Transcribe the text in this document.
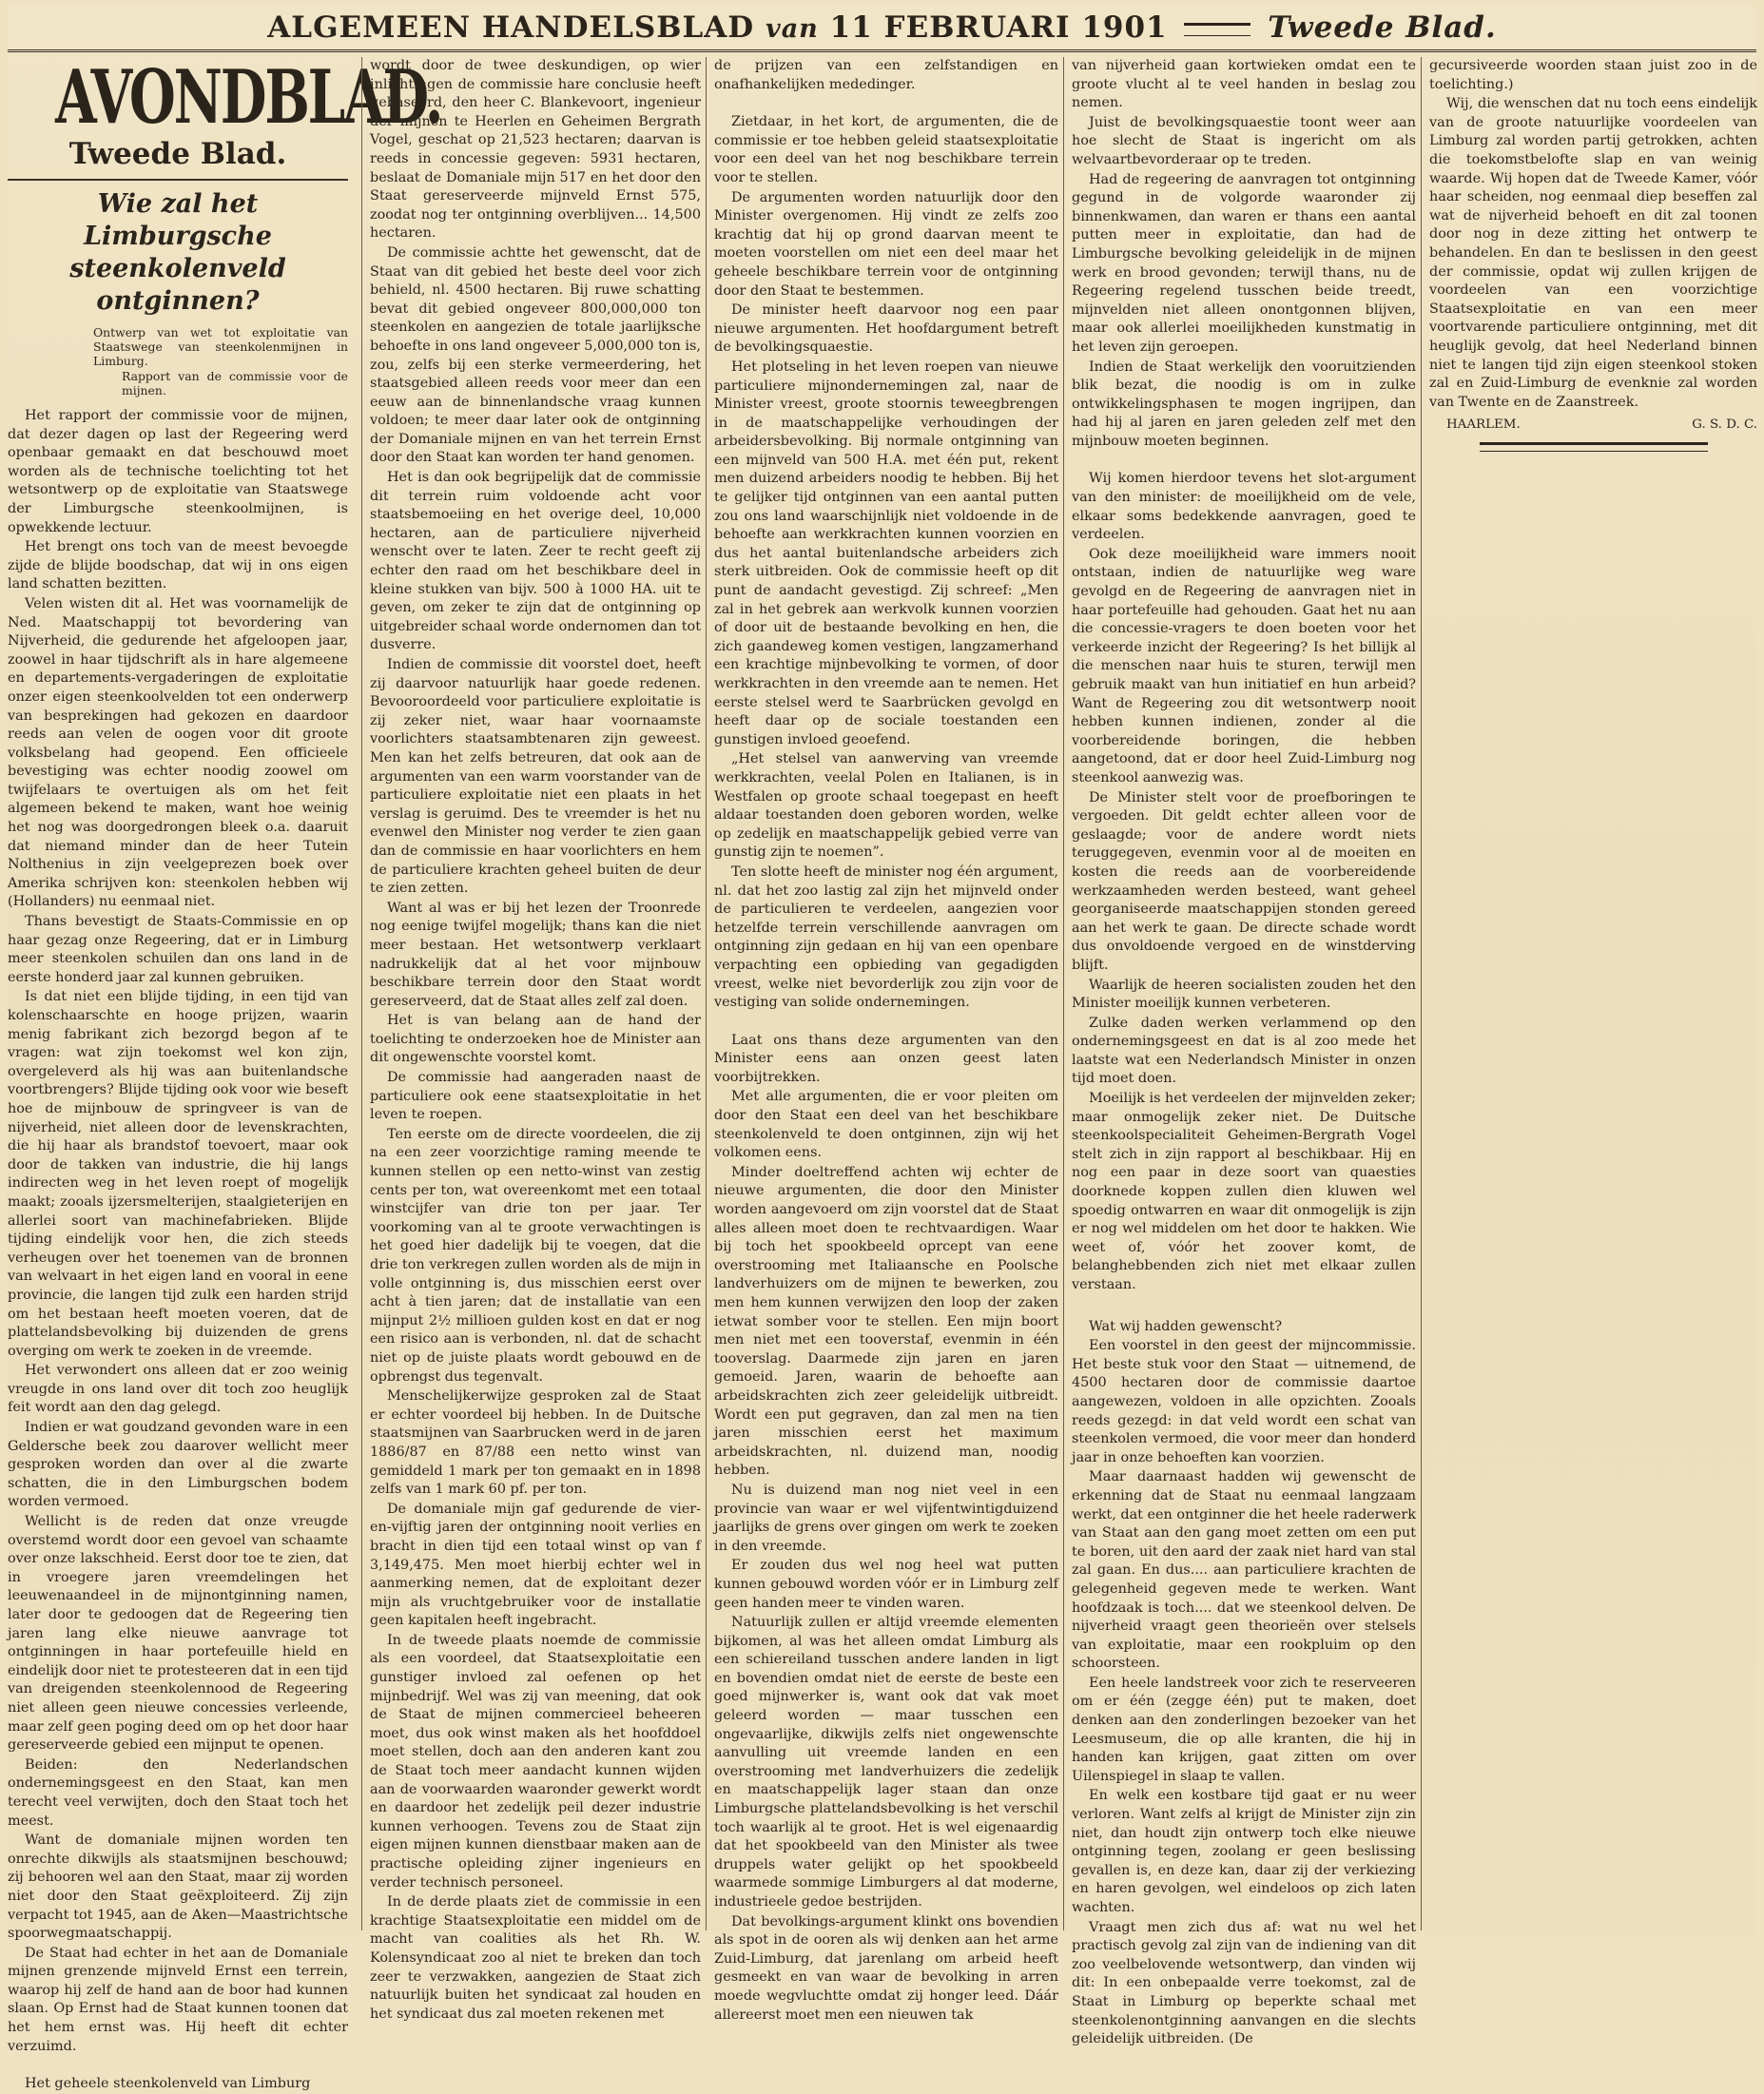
ALGEMEEN HANDELSBLAD van 11 FEBRUARI 1901	Tweede Blad.
AVONDBLAD.
Tweede Blad.
Wie zal het Limburgsche steenkolenveld ontginnen?

Ontwerp van wet tot exploitatie van Staatswege van steenkolenmijnen in Limburg.

Rapport van de commissie voor de mijnen.

Het rapport der commissie voor de mijnen, dat dezer dagen op last der Regeering werd openbaar gemaakt en dat beschouwd moet worden als de technische toelichting tot het wetsontwerp op de exploitatie van Staatswege der Limburgsche steenkoolmijnen, is opwekkende lectuur.

Het brengt ons toch van de meest bevoegde zijde de blijde boodschap, dat wij in ons eigen land schatten bezitten.

Velen wisten dit al. Het was voornamelijk de Ned. Maatschappij tot bevordering van Nijverheid, die gedurende het afgeloopen jaar, zoowel in haar tijdschrift als in hare algemeene en departements-vergaderingen de exploitatie onzer eigen steenkoolvelden tot een onderwerp van besprekingen had gekozen en daardoor reeds aan velen de oogen voor dit groote volksbelang had geopend. Een officieele bevestiging was echter noodig zoowel om twijfelaars te overtuigen als om het feit algemeen bekend te maken, want hoe weinig het nog was doorgedrongen bleek o.a. daaruit dat niemand minder dan de heer Tutein Nolthenius in zijn veelgeprezen boek over Amerika schrijven kon: steenkolen hebben wij (Hollanders) nu eenmaal niet.

Thans bevestigt de Staats-Commissie en op haar gezag onze Regeering, dat er in Limburg meer steenkolen schuilen dan ons land in de eerste honderd jaar zal kunnen gebruiken.

Is dat niet een blijde tijding, in een tijd van kolenschaarschte en hooge prijzen, waarin menig fabrikant zich bezorgd begon af te vragen: wat zijn toekomst wel kon zijn, overgeleverd als hij was aan buitenlandsche voortbrengers? Blijde tijding ook voor wie beseft hoe de mijnbouw de springveer is van de nijverheid, niet alleen door de levenskrachten, die hij haar als brandstof toevoert, maar ook door de takken van industrie, die hij langs indirecten weg in het leven roept of mogelijk maakt; zooals ijzersmelterijen, staalgieterijen en allerlei soort van machinefabrieken. Blijde tijding eindelijk voor hen, die zich steeds verheugen over het toenemen van de bronnen van welvaart in het eigen land en vooral in eene provincie, die langen tijd zulk een harden strijd om het bestaan heeft moeten voeren, dat de plattelandsbevolking bij duizenden de grens overging om werk te zoeken in de vreemde.

Het verwondert ons alleen dat er zoo weinig vreugde in ons land over dit toch zoo heuglijk feit wordt aan den dag gelegd.

Indien er wat goudzand gevonden ware in een Geldersche beek zou daarover wellicht meer gesproken worden dan over al die zwarte schatten, die in den Limburgschen bodem worden vermoed.

Wellicht is de reden dat onze vreugde overstemd wordt door een gevoel van schaamte over onze lakschheid. Eerst door toe te zien, dat in vroegere jaren vreemdelingen het leeuwenaandeel in de mijnontginning namen, later door te gedoogen dat de Regeering tien jaren lang elke nieuwe aanvrage tot ontginningen in haar portefeuille hield en eindelijk door niet te protesteeren dat in een tijd van dreigenden steenkolennood de Regeering niet alleen geen nieuwe concessies verleende, maar zelf geen poging deed om op het door haar gereserveerde gebied een mijnput te openen.

Beiden: den Nederlandschen ondernemingsgeest en den Staat, kan men terecht veel verwijten, doch den Staat toch het meest.

Want de domaniale mijnen worden ten onrechte dikwijls als staatsmijnen beschouwd; zij behooren wel aan den Staat, maar zij worden niet door den Staat geëxploiteerd. Zij zijn verpacht tot 1945, aan de Aken—Maastrichtsche spoorwegmaatschappij.

De Staat had echter in het aan de Domaniale mijnen grenzende mijnveld Ernst een terrein, waarop hij zelf de hand aan de boor had kunnen slaan. Op Ernst had de Staat kunnen toonen dat het hem ernst was. Hij heeft dit echter verzuimd.

Het geheele steenkolenveld van Limburg

wordt door de twee deskundigen, op wier inlichtingen de commissie hare conclusie heeft gebaseerd, den heer C. Blankevoort, ingenieur der mijnen te Heerlen en Geheimen Bergrath Vogel, geschat op 21,523 hectaren; daarvan is reeds in concessie gegeven: 5931 hectaren, beslaat de Domaniale mijn 517 en het door den Staat gereserveerde mijnveld Ernst 575, zoodat nog ter ontginning overblijven... 14,500 hectaren.

De commissie achtte het gewenscht, dat de Staat van dit gebied het beste deel voor zich behield, nl. 4500 hectaren. Bij ruwe schatting bevat dit gebied ongeveer 800,000,000 ton steenkolen en aangezien de totale jaarlijksche behoefte in ons land ongeveer 5,000,000 ton is, zou, zelfs bij een sterke vermeerdering, het staatsgebied alleen reeds voor meer dan een eeuw aan de binnenlandsche vraag kunnen voldoen; te meer daar later ook de ontginning der Domaniale mijnen en van het terrein Ernst door den Staat kan worden ter hand genomen.

Het is dan ook begrijpelijk dat de commissie dit terrein ruim voldoende acht voor staatsbemoeiing en het overige deel, 10,000 hectaren, aan de particuliere nijverheid wenscht over te laten. Zeer te recht geeft zij echter den raad om het beschikbare deel in kleine stukken van bijv. 500 à 1000 HA. uit te geven, om zeker te zijn dat de ontginning op uitgebreider schaal worde ondernomen dan tot dusverre.

Indien de commissie dit voorstel doet, heeft zij daarvoor natuurlijk haar goede redenen. Bevooroordeeld voor particuliere exploitatie is zij zeker niet, waar haar voornaamste voorlichters staatsambtenaren zijn geweest. Men kan het zelfs betreuren, dat ook aan de argumenten van een warm voorstander van de particuliere exploitatie niet een plaats in het verslag is geruimd. Des te vreemder is het nu evenwel den Minister nog verder te zien gaan dan de commissie en haar voorlichters en hem de particuliere krachten geheel buiten de deur te zien zetten.

Want al was er bij het lezen der Troonrede nog eenige twijfel mogelijk; thans kan die niet meer bestaan. Het wetsontwerp verklaart nadrukkelijk dat al het voor mijnbouw beschikbare terrein door den Staat wordt gereserveerd, dat de Staat alles zelf zal doen.

Het is van belang aan de hand der toelichting te onderzoeken hoe de Minister aan dit ongewenschte voorstel komt.

De commissie had aangeraden naast de particuliere ook eene staatsexploitatie in het leven te roepen.

Ten eerste om de directe voordeelen, die zij na een zeer voorzichtige raming meende te kunnen stellen op een netto-winst van zestig cents per ton, wat overeenkomt met een totaal winstcijfer van drie ton per jaar. Ter voorkoming van al te groote verwachtingen is het goed hier dadelijk bij te voegen, dat die drie ton verkregen zullen worden als de mijn in volle ontginning is, dus misschien eerst over acht à tien jaren; dat de installatie van een mijnput 2½ millioen gulden kost en dat er nog een risico aan is verbonden, nl. dat de schacht niet op de juiste plaats wordt gebouwd en de opbrengst dus tegenvalt.

Menschelijkerwijze gesproken zal de Staat er echter voordeel bij hebben. In de Duitsche staatsmijnen van Saarbrucken werd in de jaren 1886/87 en 87/88 een netto winst van gemiddeld 1 mark per ton gemaakt en in 1898 zelfs van 1 mark 60 pf. per ton.

De domaniale mijn gaf gedurende de vier-en-vijftig jaren der ontginning nooit verlies en bracht in dien tijd een totaal winst op van f 3,149,475. Men moet hierbij echter wel in aanmerking nemen, dat de exploitant dezer mijn als vruchtgebruiker voor de installatie geen kapitalen heeft ingebracht.

In de tweede plaats noemde de commissie als een voordeel, dat Staatsexploitatie een gunstiger invloed zal oefenen op het mijnbedrijf. Wel was zij van meening, dat ook de Staat de mijnen commercieel beheeren moet, dus ook winst maken als het hoofddoel moet stellen, doch aan den anderen kant zou de Staat toch meer aandacht kunnen wijden aan de voorwaarden waaronder gewerkt wordt en daardoor het zedelijk peil dezer industrie kunnen verhoogen. Tevens zou de Staat zijn eigen mijnen kunnen dienstbaar maken aan de practische opleiding zijner ingenieurs en verder technisch personeel.

In de derde plaats ziet de commissie in een krachtige Staatsexploitatie een middel om de macht van coalities als het Rh. W. Kolensyndicaat zoo al niet te breken dan toch zeer te verzwakken, aangezien de Staat zich natuurlijk buiten het syndicaat zal houden en het syndicaat dus zal moeten rekenen met

de prijzen van een zelfstandigen en onafhankelijken mededinger.

Zietdaar, in het kort, de argumenten, die de commissie er toe hebben geleid staatsexploitatie voor een deel van het nog beschikbare terrein voor te stellen.

De argumenten worden natuurlijk door den Minister overgenomen. Hij vindt ze zelfs zoo krachtig dat hij op grond daarvan meent te moeten voorstellen om niet een deel maar het geheele beschikbare terrein voor de ontginning door den Staat te bestemmen.

De minister heeft daarvoor nog een paar nieuwe argumenten. Het hoofdargument betreft de bevolkingsquaestie.

Het plotseling in het leven roepen van nieuwe particuliere mijnondernemingen zal, naar de Minister vreest, groote stoornis teweegbrengen in de maatschappelijke verhoudingen der arbeidersbevolking. Bij normale ontginning van een mijnveld van 500 H.A. met één put, rekent men duizend arbeiders noodig te hebben. Bij het te gelijker tijd ontginnen van een aantal putten zou ons land waarschijnlijk niet voldoende in de behoefte aan werkkrachten kunnen voorzien en dus het aantal buitenlandsche arbeiders zich sterk uitbreiden. Ook de commissie heeft op dit punt de aandacht gevestigd. Zij schreef: „Men zal in het gebrek aan werkvolk kunnen voorzien of door uit de bestaande bevolking en hen, die zich gaandeweg komen vestigen, langzamerhand een krachtige mijnbevolking te vormen, of door werkkrachten in den vreemde aan te nemen. Het eerste stelsel werd te Saarbrücken gevolgd en heeft daar op de sociale toestanden een gunstigen invloed geoefend.

„Het stelsel van aanwerving van vreemde werkkrachten, veelal Polen en Italianen, is in Westfalen op groote schaal toegepast en heeft aldaar toestanden doen geboren worden, welke op zedelijk en maatschappelijk gebied verre van gunstig zijn te noemen”.

Ten slotte heeft de minister nog één argument, nl. dat het zoo lastig zal zijn het mijnveld onder de particulieren te verdeelen, aangezien voor hetzelfde terrein verschillende aanvragen om ontginning zijn gedaan en hij van een openbare verpachting een opbieding van gegadigden vreest, welke niet bevorderlijk zou zijn voor de vestiging van solide ondernemingen.

Laat ons thans deze argumenten van den Minister eens aan onzen geest laten voorbijtrekken.

Met alle argumenten, die er voor pleiten om door den Staat een deel van het beschikbare steenkolenveld te doen ontginnen, zijn wij het volkomen eens.

Minder doeltreffend achten wij echter de nieuwe argumenten, die door den Minister worden aangevoerd om zijn voorstel dat de Staat alles alleen moet doen te rechtvaardigen. Waar bij toch het spookbeeld oprcept van eene overstrooming met Italiaansche en Poolsche landverhuizers om de mijnen te bewerken, zou men hem kunnen verwijzen den loop der zaken ietwat somber voor te stellen. Een mijn boort men niet met een tooverstaf, evenmin in één tooverslag. Daarmede zijn jaren en jaren gemoeid. Jaren, waarin de behoefte aan arbeidskrachten zich zeer geleidelijk uitbreidt. Wordt een put gegraven, dan zal men na tien jaren misschien eerst het maximum arbeidskrachten, nl. duizend man, noodig hebben.

Nu is duizend man nog niet veel in een provincie van waar er wel vijfentwintigduizend jaarlijks de grens over gingen om werk te zoeken in den vreemde.

Er zouden dus wel nog heel wat putten kunnen gebouwd worden vóór er in Limburg zelf geen handen meer te vinden waren.

Natuurlijk zullen er altijd vreemde elementen bijkomen, al was het alleen omdat Limburg als een schiereiland tusschen andere landen in ligt en bovendien omdat niet de eerste de beste een goed mijnwerker is, want ook dat vak moet geleerd worden — maar tusschen een ongevaarlijke, dikwijls zelfs niet ongewenschte aanvulling uit vreemde landen en een overstrooming met landverhuizers die zedelijk en maatschappelijk lager staan dan onze Limburgsche plattelandsbevolking is het verschil toch waarlijk al te groot. Het is wel eigenaardig dat het spookbeeld van den Minister als twee druppels water gelijkt op het spookbeeld waarmede sommige Limburgers al dat moderne, industrieele gedoe bestrijden.

Dat bevolkings-argument klinkt ons bovendien als spot in de ooren als wij denken aan het arme Zuid-Limburg, dat jarenlang om arbeid heeft gesmeekt en van waar de bevolking in arren moede wegvluchtte omdat zij honger leed. Dáár allereerst moet men een nieuwen tak

van nijverheid gaan kortwieken omdat een te groote vlucht al te veel handen in beslag zou nemen.

Juist de bevolkingsquaestie toont weer aan hoe slecht de Staat is ingericht om als welvaartbevorderaar op te treden.

Had de regeering de aanvragen tot ontginning gegund in de volgorde waaronder zij binnenkwamen, dan waren er thans een aantal putten meer in exploitatie, dan had de Limburgsche bevolking geleidelijk in de mijnen werk en brood gevonden; terwijl thans, nu de Regeering regelend tusschen beide treedt, mijnvelden niet alleen onontgonnen blijven, maar ook allerlei moeilijkheden kunstmatig in het leven zijn geroepen.

Indien de Staat werkelijk den vooruitzienden blik bezat, die noodig is om in zulke ontwikkelingsphasen te mogen ingrijpen, dan had hij al jaren en jaren geleden zelf met den mijnbouw moeten beginnen.

Wij komen hierdoor tevens het slot-argument van den minister: de moeilijkheid om de vele, elkaar soms bedekkende aanvragen, goed te verdeelen.

Ook deze moeilijkheid ware immers nooit ontstaan, indien de natuurlijke weg ware gevolgd en de Regeering de aanvragen niet in haar portefeuille had gehouden. Gaat het nu aan die concessie-vragers te doen boeten voor het verkeerde inzicht der Regeering? Is het billijk al die menschen naar huis te sturen, terwijl men gebruik maakt van hun initiatief en hun arbeid? Want de Regeering zou dit wetsontwerp nooit hebben kunnen indienen, zonder al die voorbereidende boringen, die hebben aangetoond, dat er door heel Zuid-Limburg nog steenkool aanwezig was.

De Minister stelt voor de proefboringen te vergoeden. Dit geldt echter alleen voor de geslaagde; voor de andere wordt niets teruggegeven, evenmin voor al de moeiten en kosten die reeds aan de voorbereidende werkzaamheden werden besteed, want geheel georganiseerde maatschappijen stonden gereed aan het werk te gaan. De directe schade wordt dus onvoldoende vergoed en de winstderving blijft.

Waarlijk de heeren socialisten zouden het den Minister moeilijk kunnen verbeteren.

Zulke daden werken verlammend op den ondernemingsgeest en dat is al zoo mede het laatste wat een Nederlandsch Minister in onzen tijd moet doen.

Moeilijk is het verdeelen der mijnvelden zeker; maar onmogelijk zeker niet. De Duitsche steenkoolspecialiteit Geheimen-Bergrath Vogel stelt zich in zijn rapport al beschikbaar. Hij en nog een paar in deze soort van quaesties doorknede koppen zullen dien kluwen wel spoedig ontwarren en waar dit onmogelijk is zijn er nog wel middelen om het door te hakken. Wie weet of, vóór het zoover komt, de belanghebbenden zich niet met elkaar zullen verstaan.

Wat wij hadden gewenscht?

Een voorstel in den geest der mijncommissie. Het beste stuk voor den Staat — uitnemend, de 4500 hectaren door de commissie daartoe aangewezen, voldoen in alle opzichten. Zooals reeds gezegd: in dat veld wordt een schat van steenkolen vermoed, die voor meer dan honderd jaar in onze behoeften kan voorzien.

Maar daarnaast hadden wij gewenscht de erkenning dat de Staat nu eenmaal langzaam werkt, dat een ontginner die het heele raderwerk van Staat aan den gang moet zetten om een put te boren, uit den aard der zaak niet hard van stal zal gaan. En dus.... aan particuliere krachten de gelegenheid gegeven mede te werken. Want hoofdzaak is toch.... dat we steenkool delven. De nijverheid vraagt geen theorieën over stelsels van exploitatie, maar een rookpluim op den schoorsteen.

Een heele landstreek voor zich te reserveeren om er één (zegge één) put te maken, doet denken aan den zonderlingen bezoeker van het Leesmuseum, die op alle kranten, die hij in handen kan krijgen, gaat zitten om over Uilenspiegel in slaap te vallen.

En welk een kostbare tijd gaat er nu weer verloren. Want zelfs al krijgt de Minister zijn zin niet, dan houdt zijn ontwerp toch elke nieuwe ontginning tegen, zoolang er geen beslissing gevallen is, en deze kan, daar zij der verkiezing en haren gevolgen, wel eindeloos op zich laten wachten.

Vraagt men zich dus af: wat nu wel het practisch gevolg zal zijn van de indiening van dit zoo veelbelovende wetsontwerp, dan vinden wij dit: In een onbepaalde verre toekomst, zal de Staat in Limburg op beperkte schaal met steenkolenontginning aanvangen en die slechts geleidelijk uitbreiden. (De

gecursiveerde woorden staan juist zoo in de toelichting.)

Wij, die wenschen dat nu toch eens eindelijk van de groote natuurlijke voordeelen van Limburg zal worden partij getrokken, achten die toekomstbelofte slap en van weinig waarde. Wij hopen dat de Tweede Kamer, vóór haar scheiden, nog eenmaal diep beseffen zal wat de nijverheid behoeft en dit zal toonen door nog in deze zitting het ontwerp te behandelen. En dan te beslissen in den geest der commissie, opdat wij zullen krijgen de voordeelen van een voorzichtige Staatsexploitatie en van een meer voortvarende particuliere ontginning, met dit heuglijk gevolg, dat heel Nederland binnen niet te langen tijd zijn eigen steenkool stoken zal en Zuid-Limburg de evenknie zal worden van Twente en de Zaanstreek.

HAARLEM.	G. S. D. C.
